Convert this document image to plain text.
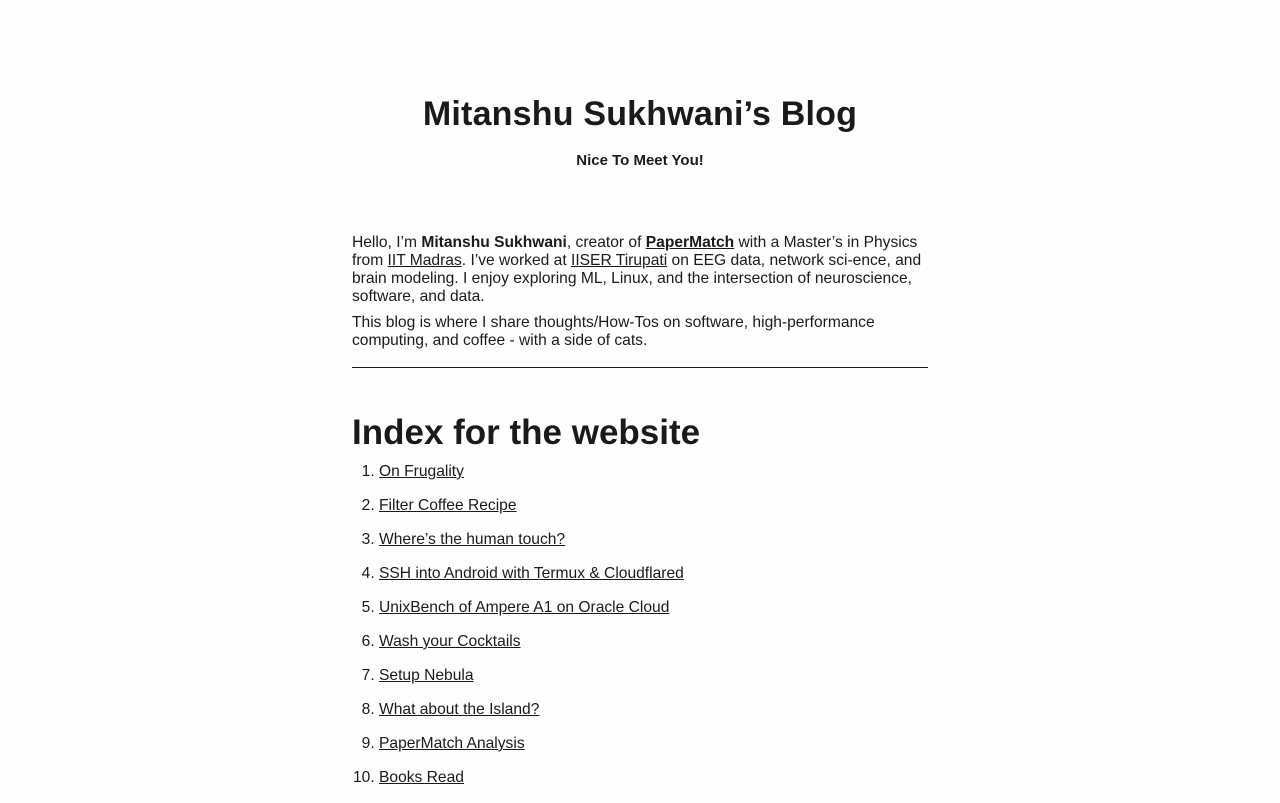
Mitanshu Sukhwani’s Blog

Nice To Meet You!

Hello, I’m Mitanshu Sukhwani, creator of PaperMatch with a Master’s in Physics from IIT Madras. I’ve worked at IISER Tirupati on EEG data, network sci-ence, and brain modeling. I enjoy exploring ML, Linux, and the intersection of neuroscience, software, and data.

This blog is where I share thoughts/How-Tos on software, high-performance computing, and coffee - with a side of cats.

Index for the website
1. On Frugality
2. Filter Coffee Recipe
3. Where’s the human touch?
4. SSH into Android with Termux & Cloudflared
5. UnixBench of Ampere A1 on Oracle Cloud
6. Wash your Cocktails
7. Setup Nebula
8. What about the Island?
9. PaperMatch Analysis
10. Books Read
